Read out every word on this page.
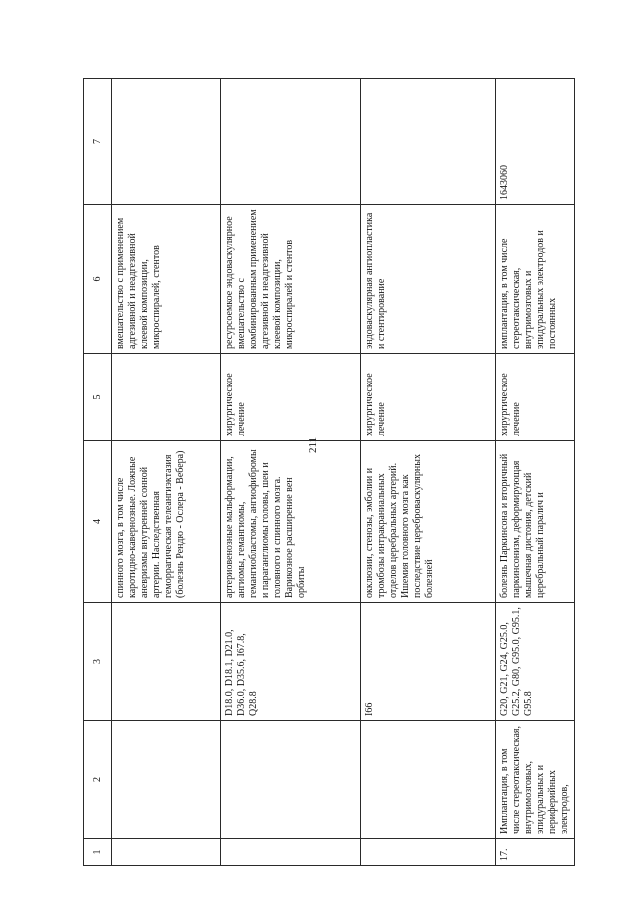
211
1	2	3	4	5	6	7
			спинного мозга, в том числе каротидно-кавернозные. Ложные аневризмы внутренней сонной артерии. Наследственная геморрагическая телеангиэктазия (болезнь Рендю - Ослера - Вебера)		вмешательство с применением адгезивной и неадгезивной клеевой композиции, микроспиралей, стентов	
		D18.0, D18.1, D21.0, D36.0, D35.6, I67.8, Q28.8	артериовенозные мальформации, ангиомы, гемангиомы, гемангиобластомы, ангиофибромы и параганглиомы головы, шеи и головного и спинного мозга. Варикозное расширение вен орбиты	хирургическое лечение	ресурсоемкое эндоваскулярное вмешательство с комбинированным применением адгезивной и неадгезивной клеевой композиции, микроспиралей и стентов	
		I66	окклюзии, стенозы, эмболии и тромбозы интракраниальных отделов церебральных артерий. Ишемия головного мозга как последствие цереброваскулярных болезней	хирургическое лечение	эндоваскулярная ангиопластика и стентирование	
17.	Имплантация, в том числе стереотаксическая, внутримозговых, эпидуральных и периферийных электродов,	G20, G21, G24, G25.0, G25.2, G80, G95.0, G95.1, G95.8	болезнь Паркинсона и вторичный паркинсонизм, деформирующая мышечная дистония, детский церебральный паралич и	хирургическое лечение	имплантация, в том числе стереотаксическая, внутримозговых и эпидуральных электродов и постоянных	1643060
